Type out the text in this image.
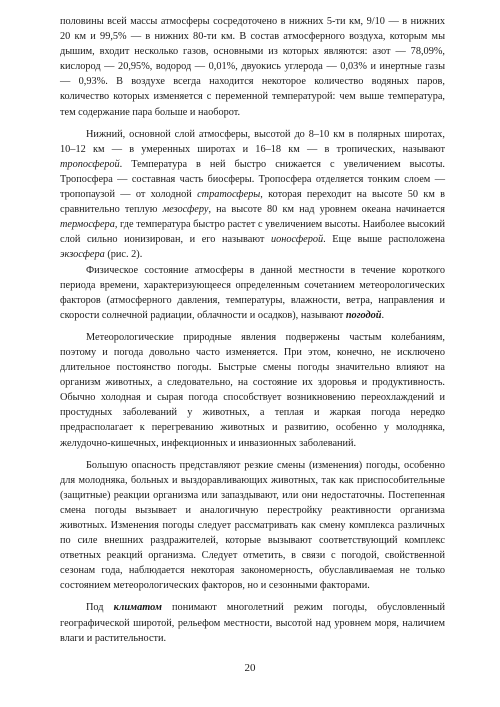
половины всей массы атмосферы сосредоточено в нижних 5-ти км, 9/10 — в нижних 20 км и 99,5% — в нижних 80-ти км. В состав атмосферного воздуха, которым мы дышим, входит несколько газов, основными из которых являются: азот — 78,09%, кислород — 20,95%, водород — 0,01%, двуокись углерода — 0,03% и инертные газы — 0,93%. В воздухе всегда находится некоторое количество водяных паров, количество которых изменяется с переменной температурой: чем выше температура, тем содержание пара больше и наоборот.

Нижний, основной слой атмосферы, высотой до 8–10 км в полярных широтах, 10–12 км — в умеренных широтах и 16–18 км — в тропических, называют тропосферой. Температура в ней быстро снижается с увеличением высоты. Тропосфера — составная часть биосферы. Тропосфера отделяется тонким слоем — тропопаузой — от холодной стратосферы, которая переходит на высоте 50 км в сравнительно теплую мезосферу, на высоте 80 км над уровнем океана начинается термосфера, где температура быстро растет с увеличением высоты. Наиболее высокий слой сильно ионизирован, и его называют ионосферой. Еще выше расположена экзосфера (рис. 2).

Физическое состояние атмосферы в данной местности в течение короткого периода времени, характеризующееся определенным сочетанием метеорологических факторов (атмосферного давления, температуры, влажности, ветра, направления и скорости солнечной радиации, облачности и осадков), называют погодой.

Метеорологические природные явления подвержены частым колебаниям, поэтому и погода довольно часто изменяется. При этом, конечно, не исключено длительное постоянство погоды. Быстрые смены погоды значительно влияют на организм животных, а следовательно, на состояние их здоровья и продуктивность. Обычно холодная и сырая погода способствует возникновению переохлаждений и простудных заболеваний у животных, а теплая и жаркая погода нередко предрасполагает к перегреванию животных и развитию, особенно у молодняка, желудочно-кишечных, инфекционных и инвазионных заболеваний.

Большую опасность представляют резкие смены (изменения) погоды, особенно для молодняка, больных и выздоравливающих животных, так как приспособительные (защитные) реакции организма или запаздывают, или они недостаточны. Постепенная смена погоды вызывает и аналогичную перестройку реактивности организма животных. Изменения погоды следует рассматривать как смену комплекса различных по силе внешних раздражителей, которые вызывают соответствующий комплекс ответных реакций организма. Следует отметить, в связи с погодой, свойственной сезонам года, наблюдается некоторая закономерность, обуславливаемая не только состоянием метеорологических факторов, но и сезонными факторами.

Под климатом понимают многолетний режим погоды, обусловленный географической широтой, рельефом местности, высотой над уровнем моря, наличием влаги и растительности.

20
